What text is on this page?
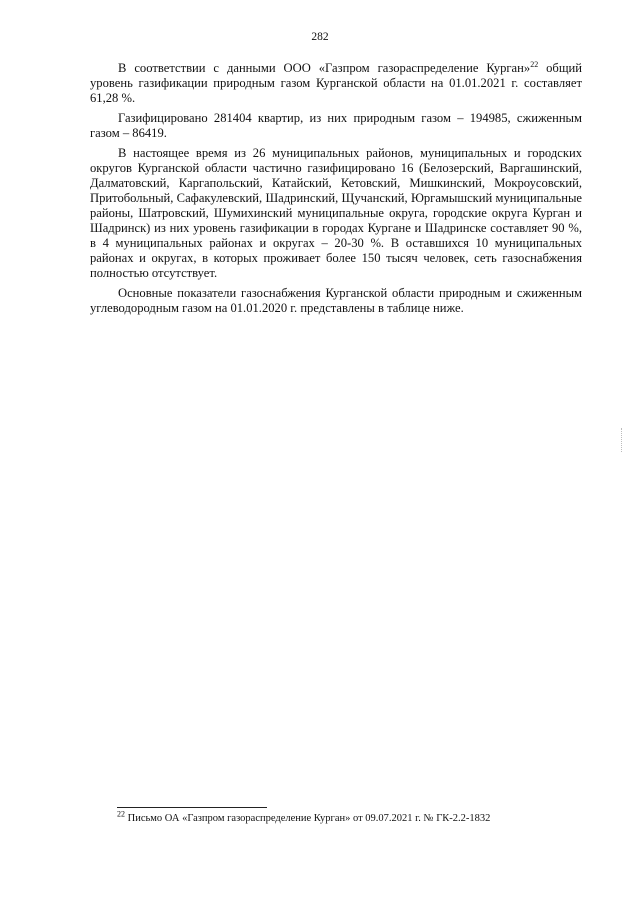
282

В соответствии с данными ООО «Газпром газораспределение Курган»$^{22}$ общий уровень газификации природным газом Курганской области на 01.01.2021 г. составляет 61,28 %.

Газифицировано 281404 квартир, из них природным газом – 194985, сжиженным газом – 86419.

В настоящее время из 26 муниципальных районов, муниципальных и городских округов Курганской области частично газифицировано 16 (Белозерский, Варгашинский, Далматовский, Каргапольский, Катайский, Кетовский, Мишкинский, Мокроусовский, Притобольный, Сафакулевский, Шадринский, Щучанский, Юргамышский муниципальные районы, Шатровский, Шумихинский муниципальные округа, городские округа Курган и Шадринск) из них уровень газификации в городах Кургане и Шадринске составляет 90 %, в 4 муниципальных районах и округах – 20-30 %. В оставшихся 10 муниципальных районах и округах, в которых проживает более 150 тысяч человек, сеть газоснабжения полностью отсутствует.

Основные показатели газоснабжения Курганской области природным и сжиженным углеводородным газом на 01.01.2020 г. представлены в таблице ниже.

$^{22}$ Письмо ОА «Газпром газораспределение Курган» от 09.07.2021 г. № ГК-2.2-1832
